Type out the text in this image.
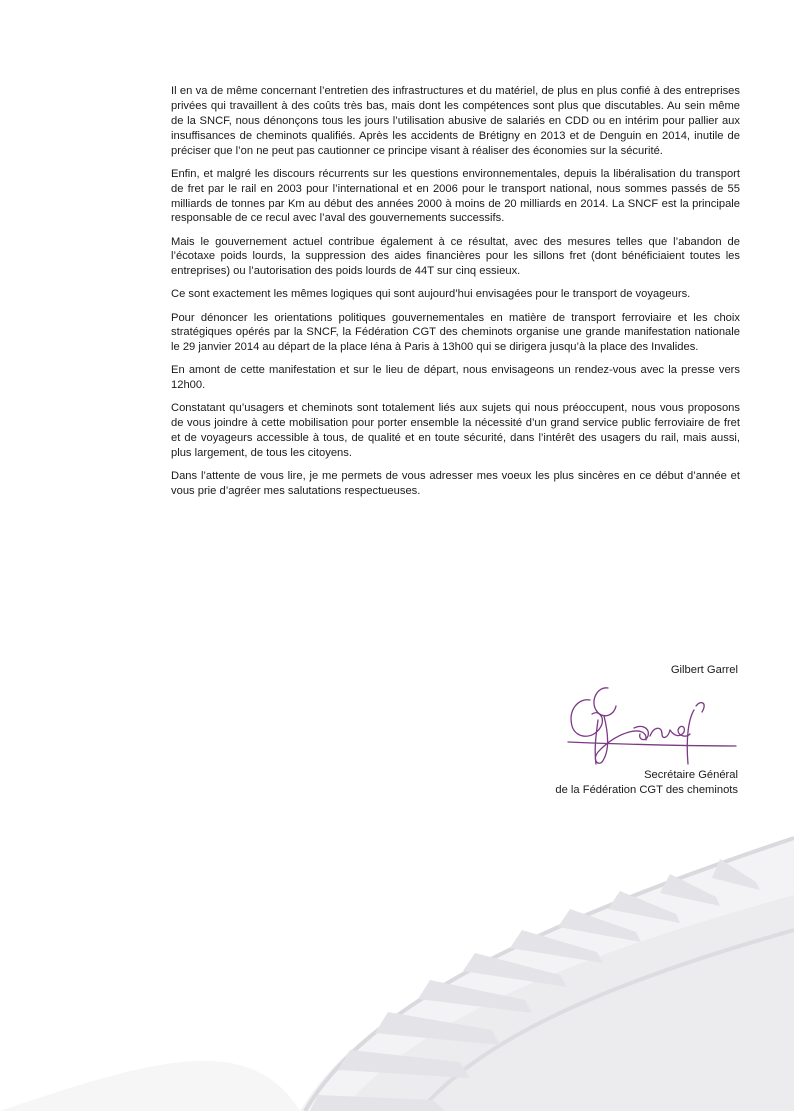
Il en va de même concernant l’entretien des infrastructures et du matériel, de plus en plus confié à des entreprises privées qui travaillent à des coûts très bas, mais dont les compétences sont plus que discutables. Au sein même de la SNCF, nous dénonçons tous les jours l’utilisation abusive de salariés en CDD ou en intérim pour pallier aux insuffisances de cheminots qualifiés. Après les accidents de Brétigny en 2013 et de Denguin en 2014, inutile de préciser que l’on ne peut pas cautionner ce principe visant à réaliser des économies sur la sécurité.

Enfin, et malgré les discours récurrents sur les questions environnementales, depuis la libéralisation du transport de fret par le rail en 2003 pour l’international et en 2006 pour le transport national, nous sommes passés de 55 milliards de tonnes par Km au début des années 2000 à moins de 20 milliards en 2014. La SNCF est la principale responsable de ce recul avec l’aval des gouvernements successifs.

Mais le gouvernement actuel contribue également à ce résultat, avec des mesures telles que l’abandon de l’écotaxe poids lourds, la suppression des aides financières pour les sillons fret (dont bénéficiaient toutes les entreprises) ou l’autorisation des poids lourds de 44T sur cinq essieux.

Ce sont exactement les mêmes logiques qui sont aujourd’hui envisagées pour le transport de voyageurs.

Pour dénoncer les orientations politiques gouvernementales en matière de transport ferroviaire et les choix stratégiques opérés par la SNCF, la Fédération CGT des cheminots organise une grande manifestation nationale le 29 janvier 2014 au départ de la place Iéna à Paris à 13h00 qui se dirigera jusqu’à la place des Invalides.

En amont de cette manifestation et sur le lieu de départ, nous envisageons un rendez-vous avec la presse vers 12h00.

Constatant qu’usagers et cheminots sont totalement liés aux sujets qui nous préoccupent, nous vous proposons de vous joindre à cette mobilisation pour porter ensemble la nécessité d’un grand service public ferroviaire de fret et de voyageurs accessible à tous, de qualité et en toute sécurité, dans l’intérêt des usagers du rail, mais aussi, plus largement, de tous les citoyens.

Dans l’attente de vous lire, je me permets de vous adresser mes voeux les plus sincères en ce début d’année et vous prie d’agréer mes salutations respectueuses.

Gilbert Garrel
Secrétaire Général
de la Fédération CGT des cheminots
